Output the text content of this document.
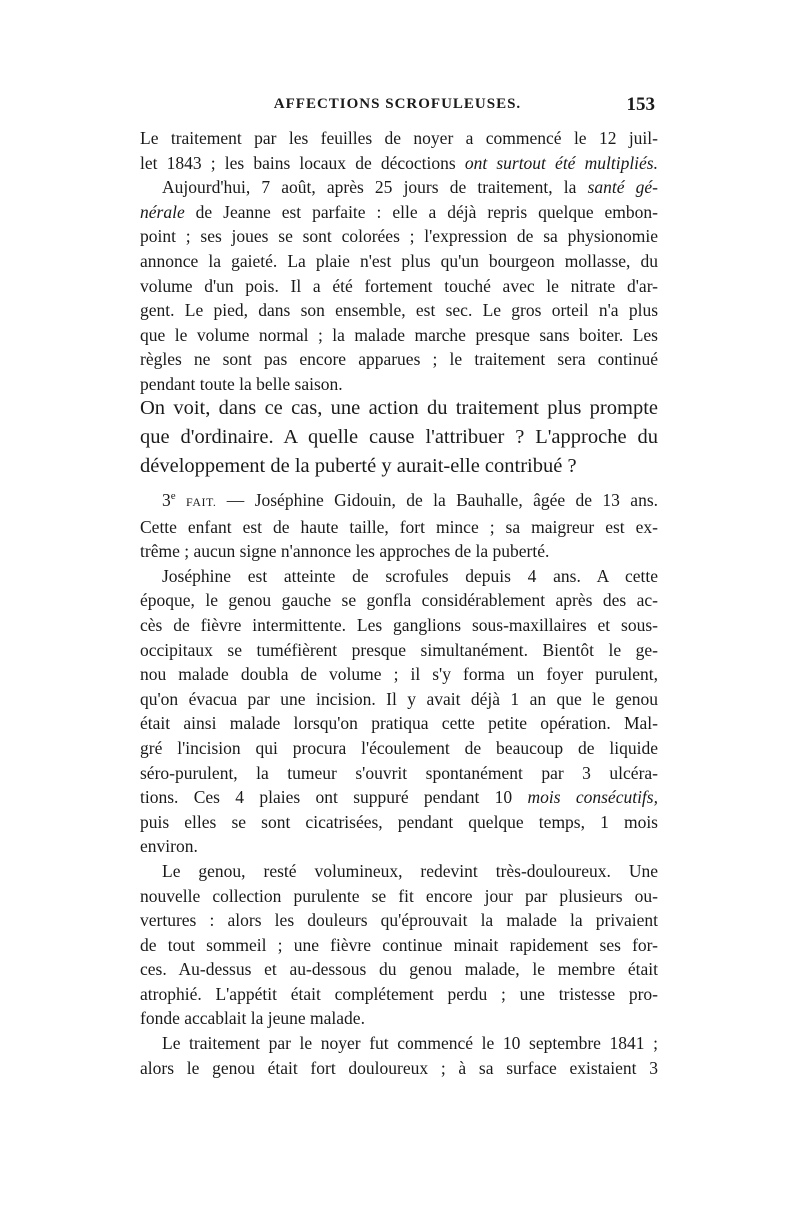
AFFECTIONS SCROFULEUSES.	153
Le traitement par les feuilles de noyer a commencé le 12 juil-
let 1843 ; les bains locaux de décoctions ont surtout été multipliés.
Aujourd'hui, 7 août, après 25 jours de traitement, la santé gé-
nérale de Jeanne est parfaite : elle a déjà repris quelque embon-
point ; ses joues se sont colorées ; l'expression de sa physionomie
annonce la gaieté. La plaie n'est plus qu'un bourgeon mollasse, du
volume d'un pois. Il a été fortement touché avec le nitrate d'ar-
gent. Le pied, dans son ensemble, est sec. Le gros orteil n'a plus
que le volume normal ; la malade marche presque sans boiter. Les
règles ne sont pas encore apparues ; le traitement sera continué
pendant toute la belle saison.
On voit, dans ce cas, une action du traitement plus prompte
que d'ordinaire. A quelle cause l'attribuer ? L'approche du
développement de la puberté y aurait-elle contribué ?
3e FAIT. — Joséphine Gidouin, de la Bauhalle, âgée de 13 ans.
Cette enfant est de haute taille, fort mince ; sa maigreur est ex-
trême ; aucun signe n'annonce les approches de la puberté.
Joséphine est atteinte de scrofules depuis 4 ans. A cette
époque, le genou gauche se gonfla considérablement après des ac-
cès de fièvre intermittente. Les ganglions sous-maxillaires et sous-
occipitaux se tuméfièrent presque simultanément. Bientôt le ge-
nou malade doubla de volume ; il s'y forma un foyer purulent,
qu'on évacua par une incision. Il y avait déjà 1 an que le genou
était ainsi malade lorsqu'on pratiqua cette petite opération. Mal-
gré l'incision qui procura l'écoulement de beaucoup de liquide
séro-purulent, la tumeur s'ouvrit spontanément par 3 ulcéra-
tions. Ces 4 plaies ont suppuré pendant 10 mois consécutifs,
puis elles se sont cicatrisées, pendant quelque temps, 1 mois
environ.
Le genou, resté volumineux, redevint très-douloureux. Une
nouvelle collection purulente se fit encore jour par plusieurs ou-
vertures : alors les douleurs qu'éprouvait la malade la privaient
de tout sommeil ; une fièvre continue minait rapidement ses for-
ces. Au-dessus et au-dessous du genou malade, le membre était
atrophié. L'appétit était complétement perdu ; une tristesse pro-
fonde accablait la jeune malade.
Le traitement par le noyer fut commencé le 10 septembre 1841 ;
alors le genou était fort douloureux ; à sa surface existaient 3
